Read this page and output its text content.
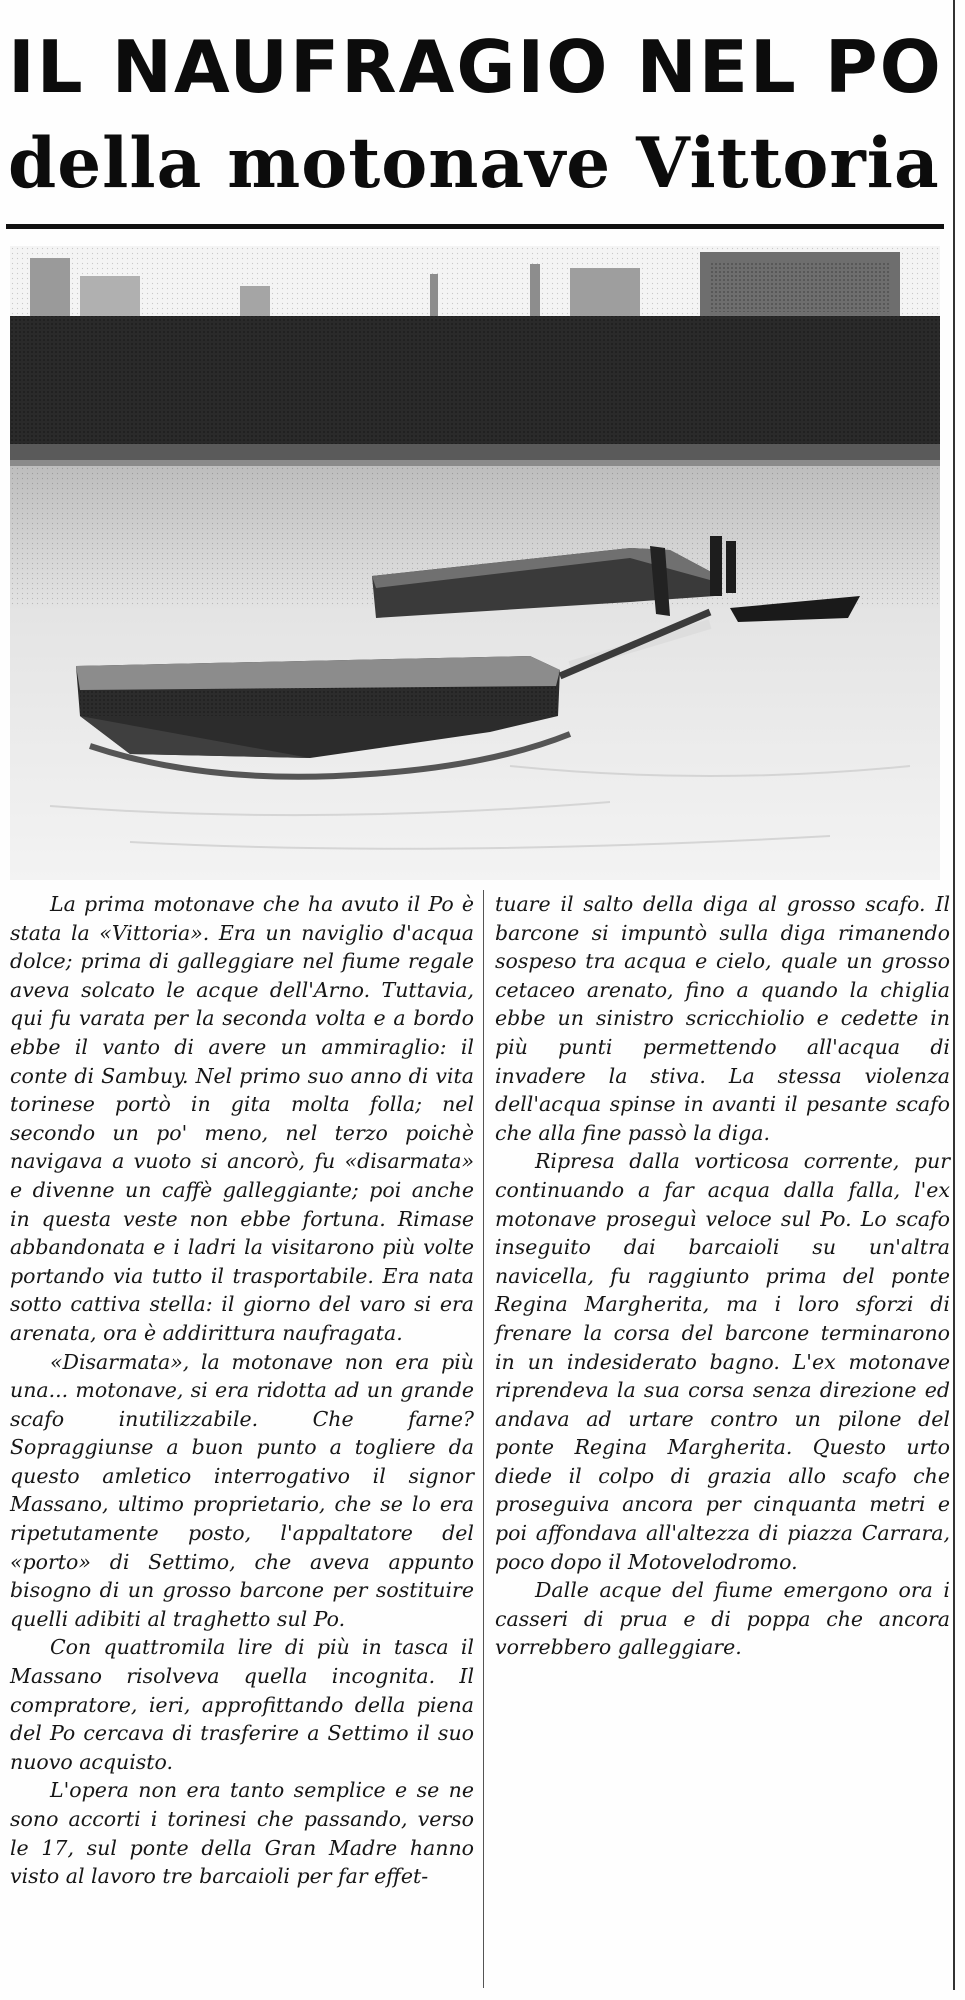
IL NAUFRAGIO NEL PO
della motonave Vittoria

La prima motonave che ha avuto il Po è stata la «Vittoria». Era un naviglio d'acqua dolce; prima di galleggiare nel fiume regale aveva solcato le acque dell'Arno. Tuttavia, qui fu varata per la seconda volta e a bordo ebbe il vanto di avere un ammiraglio: il conte di Sambuy. Nel primo suo anno di vita torinese portò in gita molta folla; nel secondo un po' meno, nel terzo poichè navigava a vuoto si ancorò, fu «disarmata» e divenne un caffè galleggiante; poi anche in questa veste non ebbe fortuna. Rimase abbandonata e i ladri la visitarono più volte portando via tutto il trasportabile. Era nata sotto cattiva stella: il giorno del varo si era arenata, ora è addirittura naufragata.

«Disarmata», la motonave non era più una... motonave, si era ridotta ad un grande scafo inutilizzabile. Che farne? Sopraggiunse a buon punto a togliere da questo amletico interrogativo il signor Massano, ultimo proprietario, che se lo era ripetutamente posto, l'appaltatore del «porto» di Settimo, che aveva appunto bisogno di un grosso barcone per sostituire quelli adibiti al traghetto sul Po.

Con quattromila lire di più in tasca il Massano risolveva quella incognita. Il compratore, ieri, approfittando della piena del Po cercava di trasferire a Settimo il suo nuovo acquisto.

L'opera non era tanto semplice e se ne sono accorti i torinesi che passando, verso le 17, sul ponte della Gran Madre hanno visto al lavoro tre barcaioli per far effet-

tuare il salto della diga al grosso scafo. Il barcone si impuntò sulla diga rimanendo sospeso tra acqua e cielo, quale un grosso cetaceo arenato, fino a quando la chiglia ebbe un sinistro scricchiolio e cedette in più punti permettendo all'acqua di invadere la stiva. La stessa violenza dell'acqua spinse in avanti il pesante scafo che alla fine passò la diga.

Ripresa dalla vorticosa corrente, pur continuando a far acqua dalla falla, l'ex motonave proseguì veloce sul Po. Lo scafo inseguito dai barcaioli su un'altra navicella, fu raggiunto prima del ponte Regina Margherita, ma i loro sforzi di frenare la corsa del barcone terminarono in un indesiderato bagno. L'ex motonave riprendeva la sua corsa senza direzione ed andava ad urtare contro un pilone del ponte Regina Margherita. Questo urto diede il colpo di grazia allo scafo che proseguiva ancora per cinquanta metri e poi affondava all'altezza di piazza Carrara, poco dopo il Motovelodromo.

Dalle acque del fiume emergono ora i casseri di prua e di poppa che ancora vorrebbero galleggiare.
